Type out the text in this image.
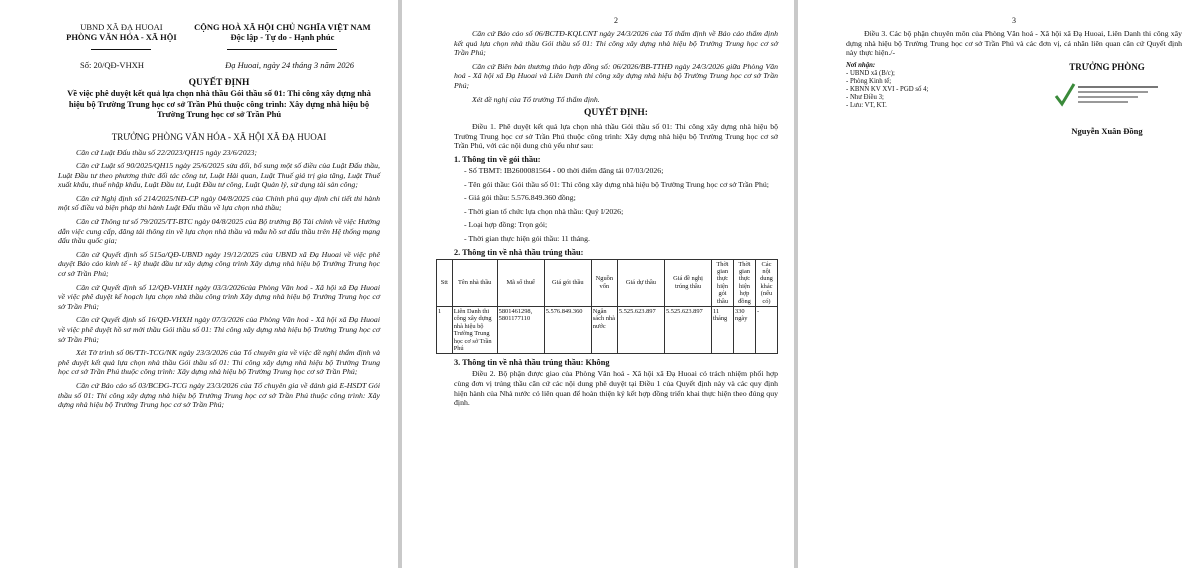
UBND XÃ ĐẠ HUOAI
PHÒNG VĂN HÓA - XÃ HỘI
CỘNG HOÀ XÃ HỘI CHỦ NGHĨA VIỆT NAM
Độc lập - Tự do - Hạnh phúc
Số: 20/QĐ-VHXH	Đạ Huoai, ngày 24 tháng 3 năm 2026
QUYẾT ĐỊNH
Về việc phê duyệt kết quả lựa chọn nhà thầu Gói thầu số 01: Thi công xây dựng nhà hiệu bộ Trường Trung học cơ sở Trần Phú thuộc công trình: Xây dựng nhà hiệu bộ Trường Trung học cơ sở Trần Phú
TRƯỞNG PHÒNG VĂN HÓA - XÃ HỘI XÃ ĐẠ HUOAI

Căn cứ Luật Đấu thầu số 22/2023/QH15 ngày 23/6/2023;

Căn cứ Luật số 90/2025/QH15 ngày 25/6/2025 sửa đổi, bổ sung một số điều của Luật Đấu thầu, Luật Đầu tư theo phương thức đối tác công tư, Luật Hải quan, Luật Thuế giá trị gia tăng, Luật Thuế xuất khẩu, thuế nhập khẩu, Luật Đầu tư, Luật Đầu tư công, Luật Quản lý, sử dụng tài sản công;

Căn cứ Nghị định số 214/2025/NĐ-CP ngày 04/8/2025 của Chính phủ quy định chi tiết thi hành một số điều và biện pháp thi hành Luật Đấu thầu về lựa chọn nhà thầu;

Căn cứ Thông tư số 79/2025/TT-BTC ngày 04/8/2025 của Bộ trưởng Bộ Tài chính về việc Hướng dẫn việc cung cấp, đăng tải thông tin về lựa chọn nhà thầu và mẫu hồ sơ đấu thầu trên Hệ thống mạng đấu thầu quốc gia;

Căn cứ Quyết định số 515a/QĐ-UBND ngày 19/12/2025 của UBND xã Đạ Huoai về việc phê duyệt Báo cáo kinh tế - kỹ thuật đầu tư xây dựng công trình Xây dựng nhà hiệu bộ Trường Trung học cơ sở Trần Phú;

Căn cứ Quyết định số 12/QĐ-VHXH ngày 03/3/2026của Phòng Văn hoá - Xã hội xã Đạ Huoai về việc phê duyệt kế hoạch lựa chọn nhà thầu công trình Xây dựng nhà hiệu bộ Trường Trung học cơ sở Trần Phú;

Căn cứ Quyết định số 16/QĐ-VHXH ngày 07/3/2026 của Phòng Văn hoá - Xã hội xã Đạ Huoai về việc phê duyệt hồ sơ mời thầu Gói thầu số 01: Thi công xây dựng nhà hiệu bộ Trường Trung học cơ sở Trần Phú;

Xét Tờ trình số 06/TTr-TCG/NK ngày 23/3/2026 của Tổ chuyên gia về việc đề nghị thẩm định và phê duyệt kết quả lựa chọn nhà thầu Gói thầu số 01: Thi công xây dựng nhà hiệu bộ Trường Trung học cơ sở Trần Phú thuộc công trình: Xây dựng nhà hiệu bộ Trường Trung học cơ sở Trần Phú;

Căn cứ Báo cáo số 03/BCĐG-TCG ngày 23/3/2026 của Tổ chuyên gia về đánh giá E-HSDT Gói thầu số 01: Thi công xây dựng nhà hiệu bộ Trường Trung học cơ sở Trần Phú thuộc công trình: Xây dựng nhà hiệu bộ Trường Trung học cơ sở Trần Phú;

2

Căn cứ Báo cáo số 06/BCTĐ-KQLCNT ngày 24/3/2026 của Tổ thẩm định về Báo cáo thẩm định kết quả lựa chọn nhà thầu Gói thầu số 01: Thi công xây dựng nhà hiệu bộ Trường Trung học cơ sở Trần Phú;

Căn cứ Biên bản thương thảo hợp đồng số: 06/2026/BB-TTHĐ ngày 24/3/2026 giữa Phòng Văn hoá - Xã hội xã Đạ Huoai và Liên Danh thi công xây dựng nhà hiệu bộ Trường Trung học cơ sở Trần Phú;

Xét đề nghị của Tổ trưởng Tổ thẩm định.

QUYẾT ĐỊNH:

Điều 1. Phê duyệt kết quả lựa chọn nhà thầu Gói thầu số 01: Thi công xây dựng nhà hiệu bộ Trường Trung học cơ sở Trần Phú thuộc công trình: Xây dựng nhà hiệu bộ Trường Trung học cơ sở Trần Phú, với các nội dung chủ yếu như sau:

1. Thông tin về gói thầu:

- Số TBMT: IB2600081564 - 00 thời điểm đăng tải 07/03/2026;

- Tên gói thầu: Gói thầu số 01: Thi công xây dựng nhà hiệu bộ Trường Trung học cơ sở Trần Phú;

- Giá gói thầu: 5.576.849.360 đồng;

- Thời gian tổ chức lựa chọn nhà thầu: Quý I/2026;

- Loại hợp đồng: Trọn gói;

- Thời gian thực hiện gói thầu: 11 tháng.

2. Thông tin về nhà thầu trúng thầu:
Stt	Tên nhà thầu	Mã số thuế	Giá gói thầu	Nguồn vốn	Giá dự thầu	Giá đề nghị trúng thầu	Thời gian thực hiện gói thầu	Thời gian thực hiện hợp đồng	Các nội dung khác (nếu có)
1	Liên Danh thi công xây dựng nhà hiệu bộ Trường Trung học cơ sở Trần Phú	5801461298, 5801177110	5.576.849.360	Ngân sách nhà nước	5.525.623.897	5.525.623.897	11 tháng	330 ngày	-
3. Thông tin về nhà thầu trúng thầu: Không

Điều 2. Bộ phận được giao của Phòng Văn hoá - Xã hội xã Đạ Huoai có trách nhiệm phối hợp cùng đơn vị trúng thầu căn cứ các nội dung phê duyệt tại Điều 1 của Quyết định này và các quy định hiện hành của Nhà nước có liên quan để hoàn thiện ký kết hợp đồng triển khai thực hiện theo đúng quy định.

3

Điều 3. Các bộ phận chuyên môn của Phòng Văn hoá - Xã hội xã Đạ Huoai, Liên Danh thi công xây dựng nhà hiệu bộ Trường Trung học cơ sở Trần Phú và các đơn vị, cá nhân liên quan căn cứ Quyết định này thực hiện./-

Nơi nhận:
- UBND xã (B/c);
- Phòng Kinh tế;
- KBNN KV XVI - PGD số 4;
- Như Điều 3;
- Lưu: VT, KT.
TRƯỞNG PHÒNG
Nguyễn Xuân Đồng
